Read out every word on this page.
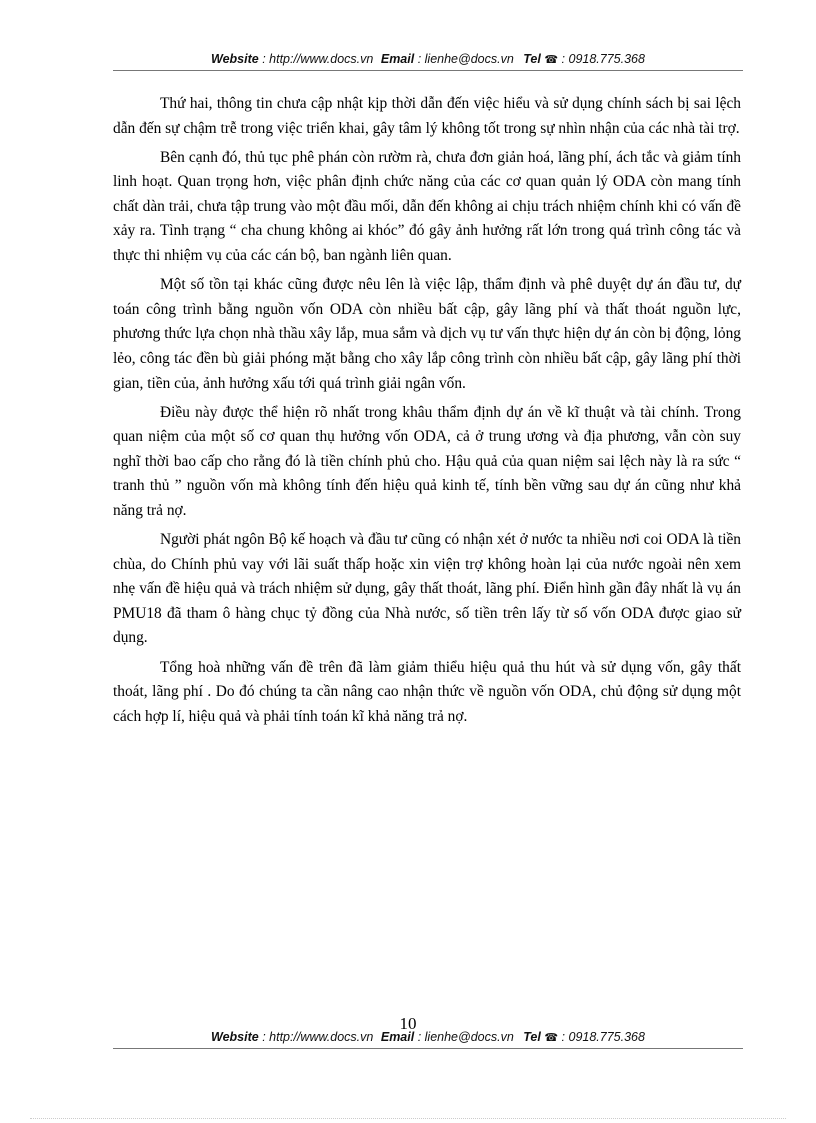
Website : http://www.docs.vn Email : lienhe@docs.vn Tel ☎ : 0918.775.368

Thứ hai, thông tin chưa cập nhật kịp thời dẫn đến việc hiểu và sử dụng chính sách bị sai lệch dẫn đến sự chậm trễ trong việc triển khai, gây tâm lý không tốt trong sự nhìn nhận của các nhà tài trợ.

Bên cạnh đó, thủ tục phê phán còn rườm rà, chưa đơn giản hoá, lãng phí, ách tắc và giảm tính linh hoạt. Quan trọng hơn, việc phân định chức năng của các cơ quan quản lý ODA còn mang tính chất dàn trải, chưa tập trung vào một đầu mối, dẫn đến không ai chịu trách nhiệm chính khi có vấn đề xảy ra. Tình trạng “ cha chung không ai khóc” đó gây ảnh hưởng rất lớn trong quá trình công tác và thực thi nhiệm vụ của các cán bộ, ban ngành liên quan.

Một số tồn tại khác cũng được nêu lên là việc lập, thẩm định và phê duyệt dự án đầu tư, dự toán công trình bằng nguồn vốn ODA còn nhiều bất cập, gây lãng phí và thất thoát nguồn lực, phương thức lựa chọn nhà thầu xây lắp, mua sắm và dịch vụ tư vấn thực hiện dự án còn bị động, lỏng lẻo, công tác đền bù giải phóng mặt bằng cho xây lắp công trình còn nhiều bất cập, gây lãng phí thời gian, tiền của, ảnh hưởng xấu tới quá trình giải ngân vốn.

Điều này được thể hiện rõ nhất trong khâu thẩm định dự án về kĩ thuật và tài chính. Trong quan niệm của một số cơ quan thụ hưởng vốn ODA, cả ở trung ương và địa phương, vẫn còn suy nghĩ thời bao cấp cho rằng đó là tiền chính phủ cho. Hậu quả của quan niệm sai lệch này là ra sức “ tranh thủ ” nguồn vốn mà không tính đến hiệu quả kinh tế, tính bền vững sau dự án cũng như khả năng trả nợ.

Người phát ngôn Bộ kế hoạch và đầu tư cũng có nhận xét ở nước ta nhiều nơi coi ODA là tiền chùa, do Chính phủ vay với lãi suất thấp hoặc xin viện trợ không hoàn lại của nước ngoài nên xem nhẹ vấn đề hiệu quả và trách nhiệm sử dụng, gây thất thoát, lãng phí. Điển hình gần đây nhất là vụ án PMU18 đã tham ô hàng chục tỷ đồng của Nhà nước, số tiền trên lấy từ số vốn ODA được giao sử dụng.

Tổng hoà những vấn đề trên đã làm giảm thiểu hiệu quả thu hút và sử dụng vốn, gây thất thoát, lãng phí . Do đó chúng ta cần nâng cao nhận thức về nguồn vốn ODA, chủ động sử dụng một cách hợp lí, hiệu quả và phải tính toán kĩ khả năng trả nợ.

10
Website : http://www.docs.vn Email : lienhe@docs.vn Tel ☎ : 0918.775.368
